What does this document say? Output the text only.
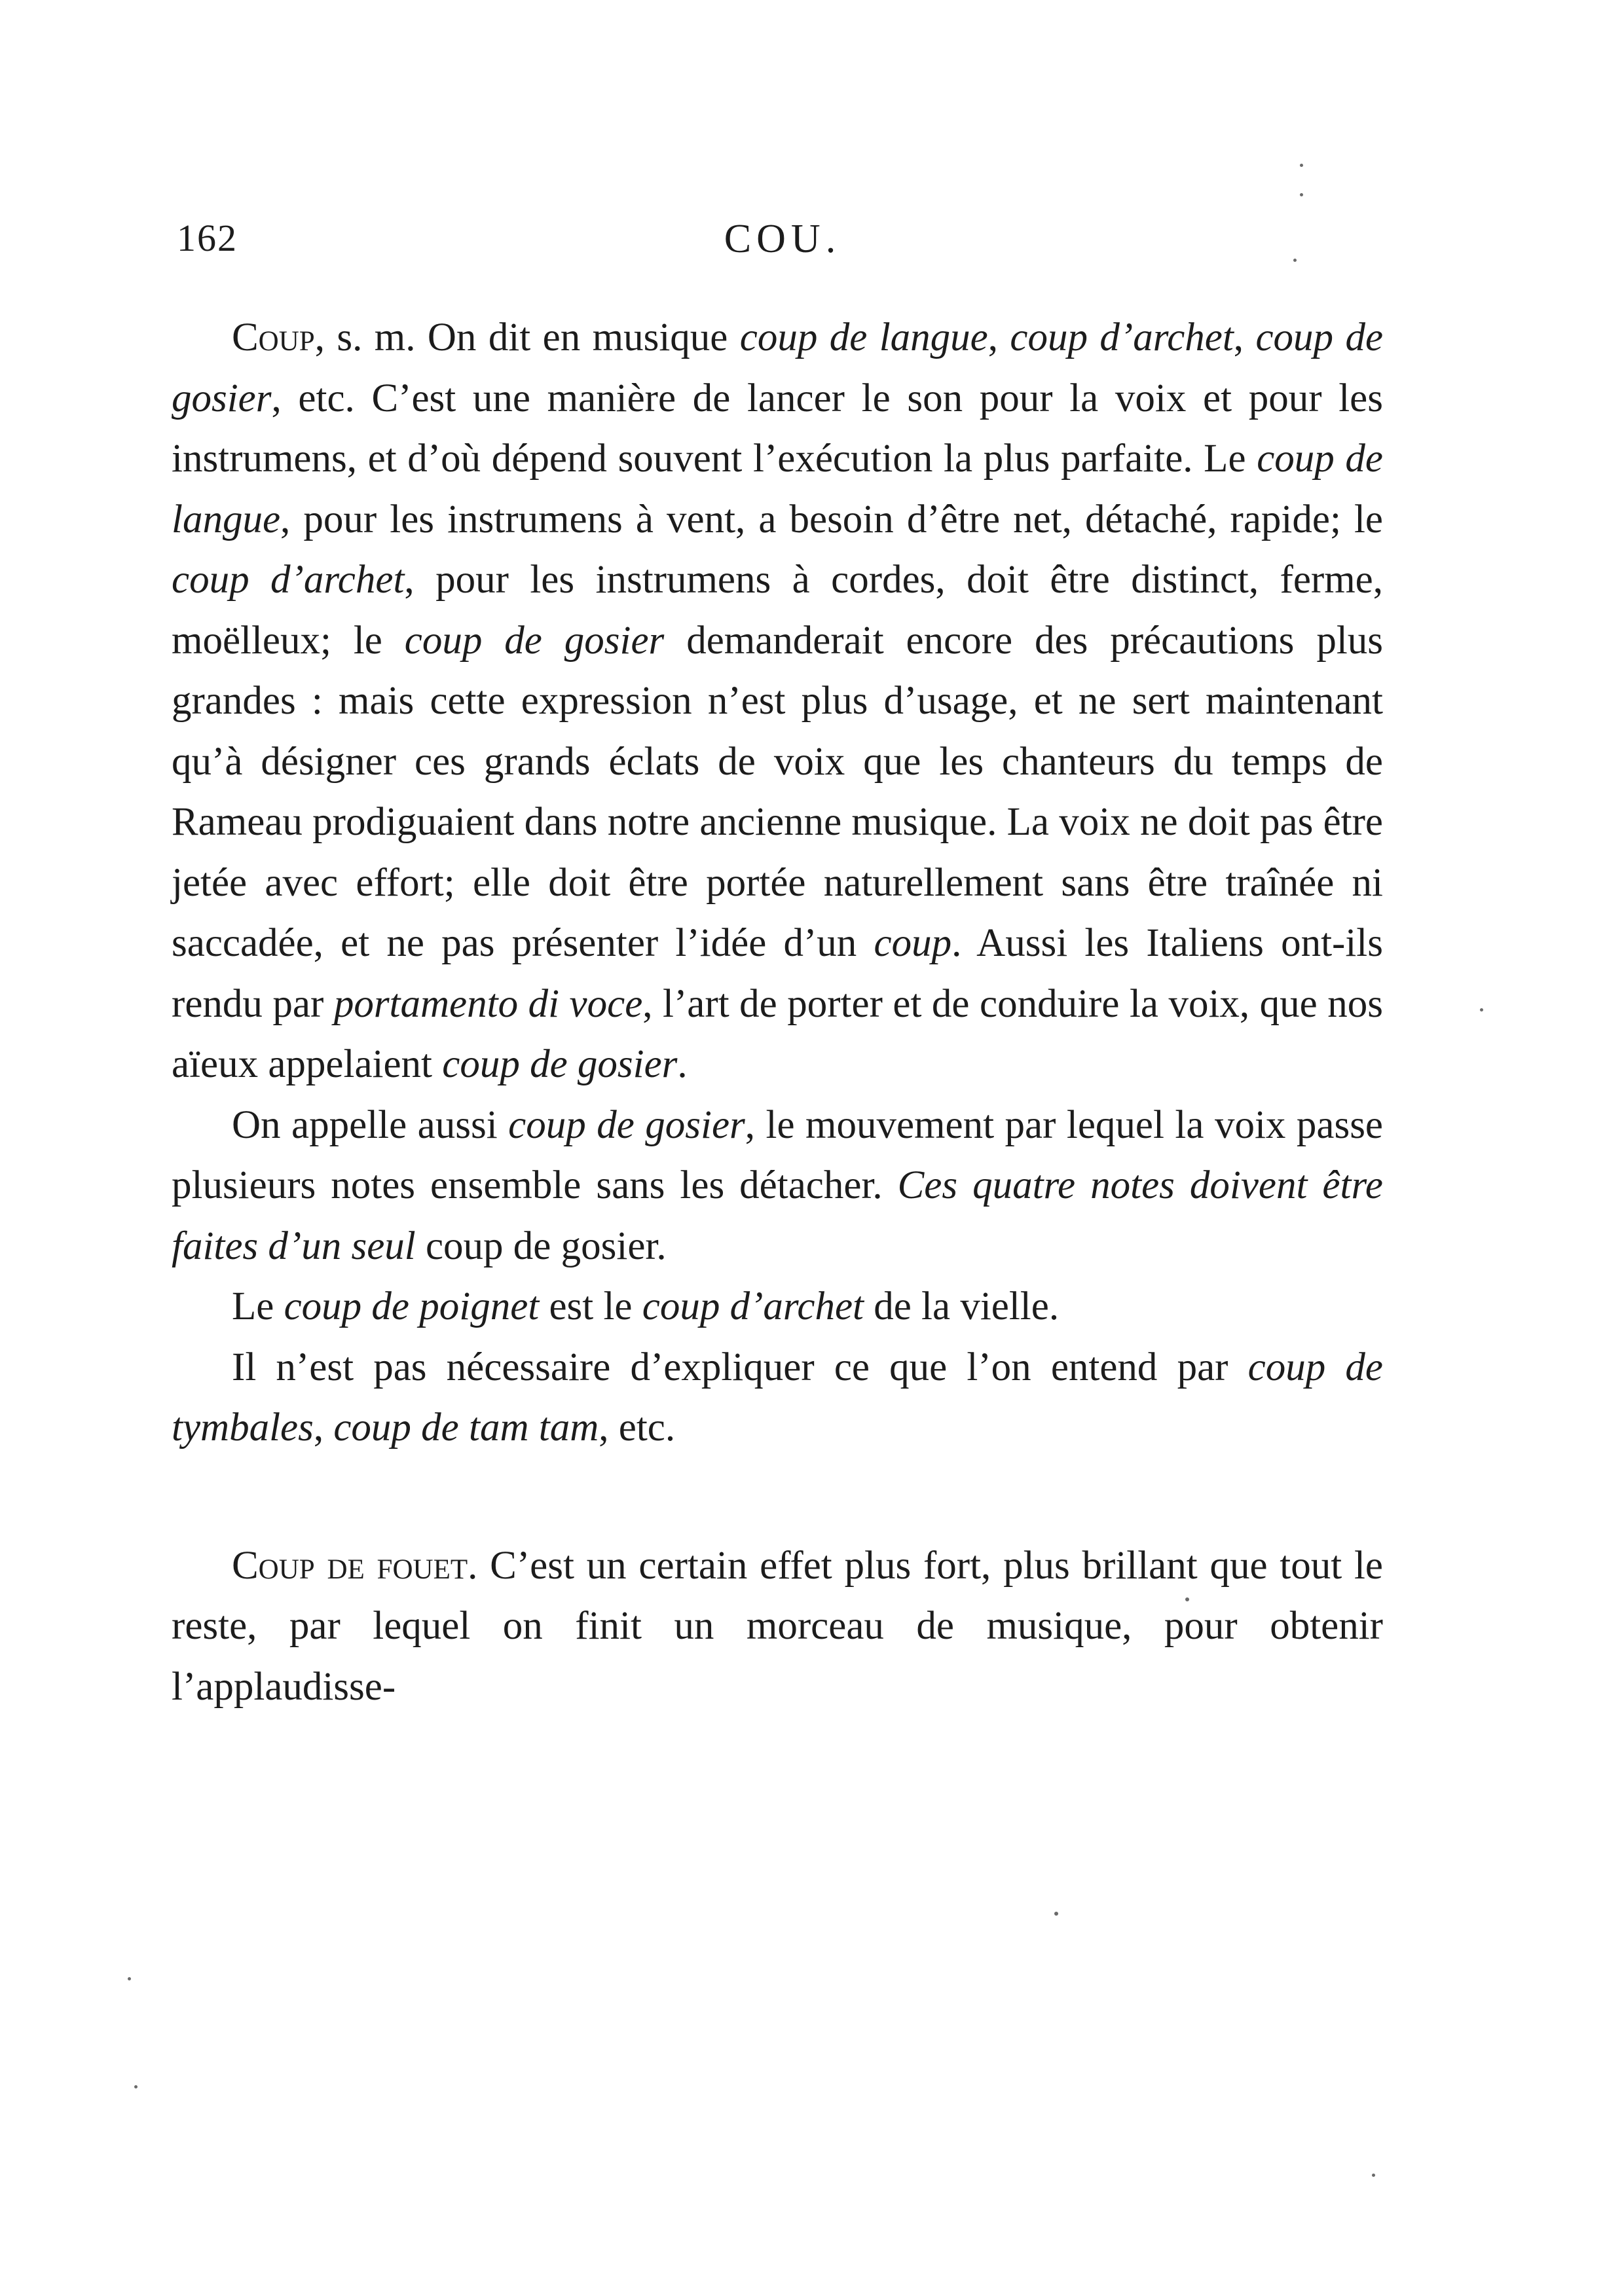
162	COU.

Coup, s. m. On dit en musique coup de langue, coup d’archet, coup de gosier, etc. C’est une manière de lancer le son pour la voix et pour les instrumens, et d’où dépend souvent l’exécution la plus parfaite. Le coup de langue, pour les instrumens à vent, a besoin d’être net, détaché, rapide; le coup d’archet, pour les instrumens à cordes, doit être distinct, ferme, moëlleux; le coup de gosier demanderait encore des précautions plus grandes : mais cette expression n’est plus d’usage, et ne sert maintenant qu’à désigner ces grands éclats de voix que les chanteurs du temps de Rameau prodiguaient dans notre ancienne musique. La voix ne doit pas être jetée avec effort; elle doit être portée naturellement sans être traînée ni saccadée, et ne pas présenter l’idée d’un coup. Aussi les Italiens ont-ils rendu par portamento di voce, l’art de porter et de conduire la voix, que nos aïeux appelaient coup de gosier.

On appelle aussi coup de gosier, le mouvement par lequel la voix passe plusieurs notes ensemble sans les détacher. Ces quatre notes doivent être faites d’un seul coup de gosier.

Le coup de poignet est le coup d’archet de la vielle.

Il n’est pas nécessaire d’expliquer ce que l’on entend par coup de tymbales, coup de tam tam, etc.

Coup de fouet. C’est un certain effet plus fort, plus brillant que tout le reste, par lequel on finit un morceau de musique, pour obtenir l’applaudisse-
